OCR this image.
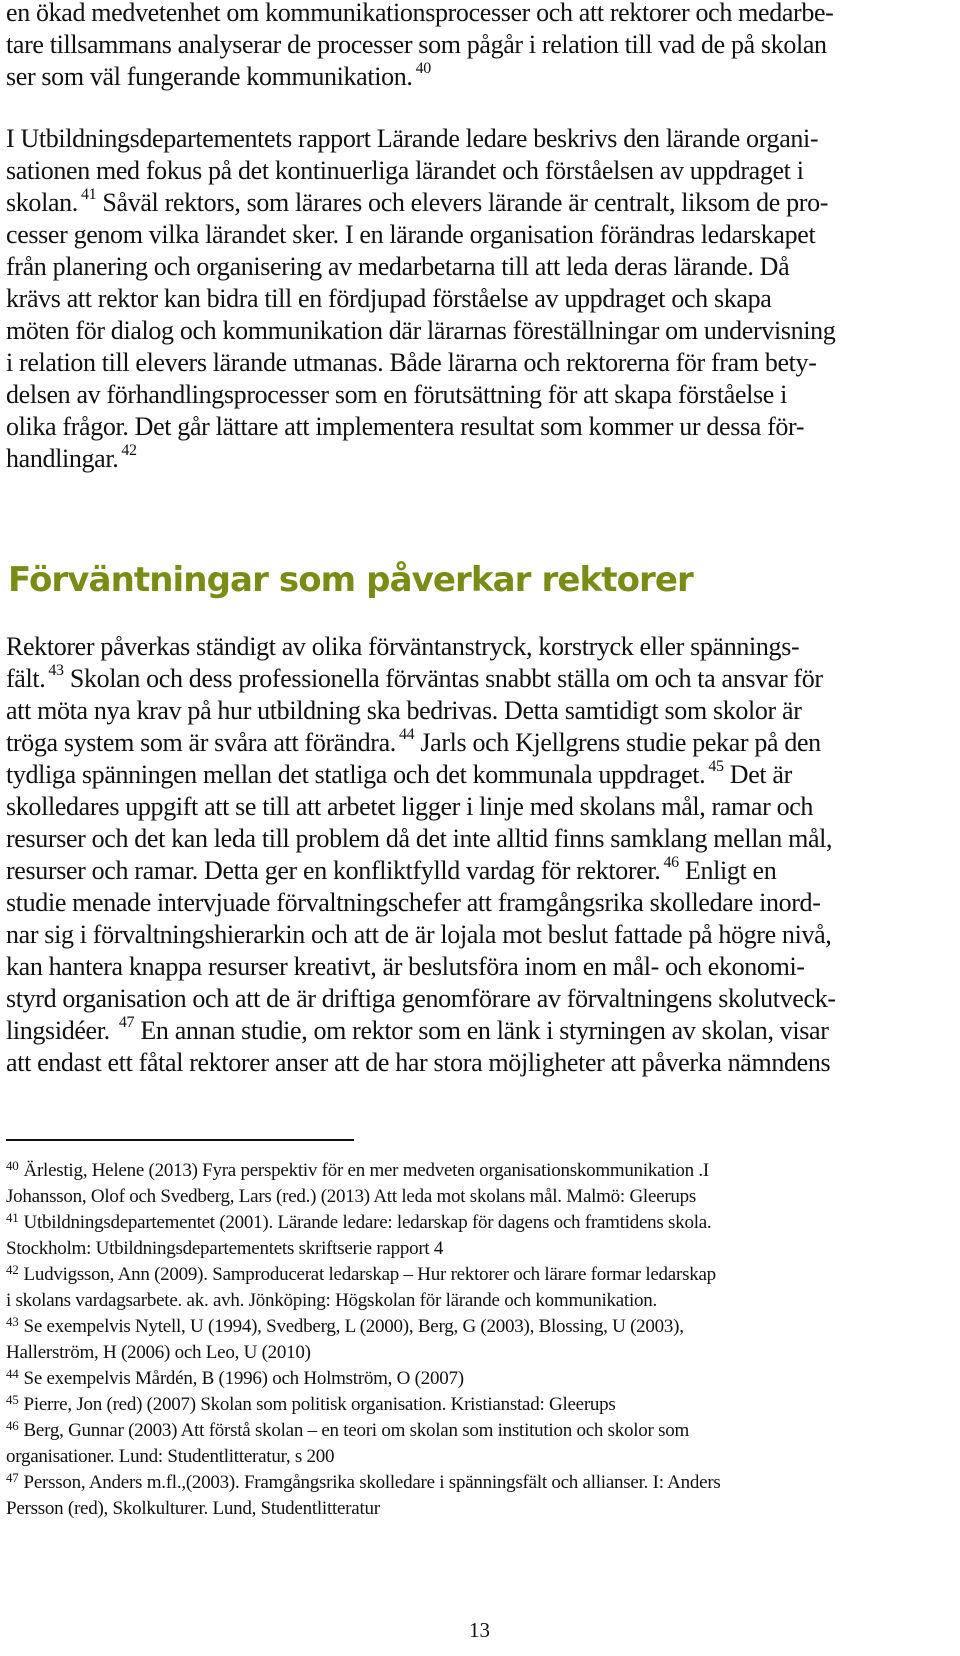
en ökad medvetenhet om kommunikationsprocesser och att rektorer och medarbe-
tare tillsammans analyserar de processer som pågår i relation till vad de på skolan
ser som väl fungerande kommunikation. $^{40}$
I Utbildningsdepartementets rapport Lärande ledare beskrivs den lärande organi-
sationen med fokus på det kontinuerliga lärandet och förståelsen av uppdraget i
skolan. $^{41}$ Såväl rektors, som lärares och elevers lärande är centralt, liksom de pro-
cesser genom vilka lärandet sker. I en lärande organisation förändras ledarskapet
från planering och organisering av medarbetarna till att leda deras lärande. Då
krävs att rektor kan bidra till en fördjupad förståelse av uppdraget och skapa
möten för dialog och kommunikation där lärarnas föreställningar om undervisning
i relation till elevers lärande utmanas. Både lärarna och rektorerna för fram bety-
delsen av förhandlingsprocesser som en förutsättning för att skapa förståelse i
olika frågor. Det går lättare att implementera resultat som kommer ur dessa för-
handlingar. $^{42}$
Förväntningar som påverkar rektorer
Rektorer påverkas ständigt av olika förväntanstryck, korstryck eller spännings-
fält. $^{43}$ Skolan och dess professionella förväntas snabbt ställa om och ta ansvar för
att möta nya krav på hur utbildning ska bedrivas. Detta samtidigt som skolor är
tröga system som är svåra att förändra. $^{44}$ Jarls och Kjellgrens studie pekar på den
tydliga spänningen mellan det statliga och det kommunala uppdraget. $^{45}$ Det är
skolledares uppgift att se till att arbetet ligger i linje med skolans mål, ramar och
resurser och det kan leda till problem då det inte alltid finns samklang mellan mål,
resurser och ramar. Detta ger en konfliktfylld vardag för rektorer. $^{46}$ Enligt en
studie menade intervjuade förvaltningschefer att framgångsrika skolledare inord-
nar sig i förvaltningshierarkin och att de är lojala mot beslut fattade på högre nivå,
kan hantera knappa resurser kreativt, är beslutsföra inom en mål- och ekonomi-
styrd organisation och att de är driftiga genomförare av förvaltningens skolutveck-
lingsidéer. $^{47}$ En annan studie, om rektor som en länk i styrningen av skolan, visar
att endast ett fåtal rektorer anser att de har stora möjligheter att påverka nämndens
$^{40}$ Ärlestig, Helene (2013) Fyra perspektiv för en mer medveten organisationskommunikation .I
Johansson, Olof och Svedberg, Lars (red.) (2013) Att leda mot skolans mål. Malmö: Gleerups
$^{41}$ Utbildningsdepartementet (2001). Lärande ledare: ledarskap för dagens och framtidens skola.
Stockholm: Utbildningsdepartementets skriftserie rapport 4
$^{42}$ Ludvigsson, Ann (2009). Samproducerat ledarskap – Hur rektorer och lärare formar ledarskap
i skolans vardagsarbete. ak. avh. Jönköping: Högskolan för lärande och kommunikation.
$^{43}$ Se exempelvis Nytell, U (1994), Svedberg, L (2000), Berg, G (2003), Blossing, U (2003),
Hallerström, H (2006) och Leo, U (2010)
$^{44}$ Se exempelvis Mårdén, B (1996) och Holmström, O (2007)
$^{45}$ Pierre, Jon (red) (2007) Skolan som politisk organisation. Kristianstad: Gleerups
$^{46}$ Berg, Gunnar (2003) Att förstå skolan – en teori om skolan som institution och skolor som
organisationer. Lund: Studentlitteratur, s 200
$^{47}$ Persson, Anders m.fl.,(2003). Framgångsrika skolledare i spänningsfält och allianser. I: Anders
Persson (red), Skolkulturer. Lund, Studentlitteratur
13
